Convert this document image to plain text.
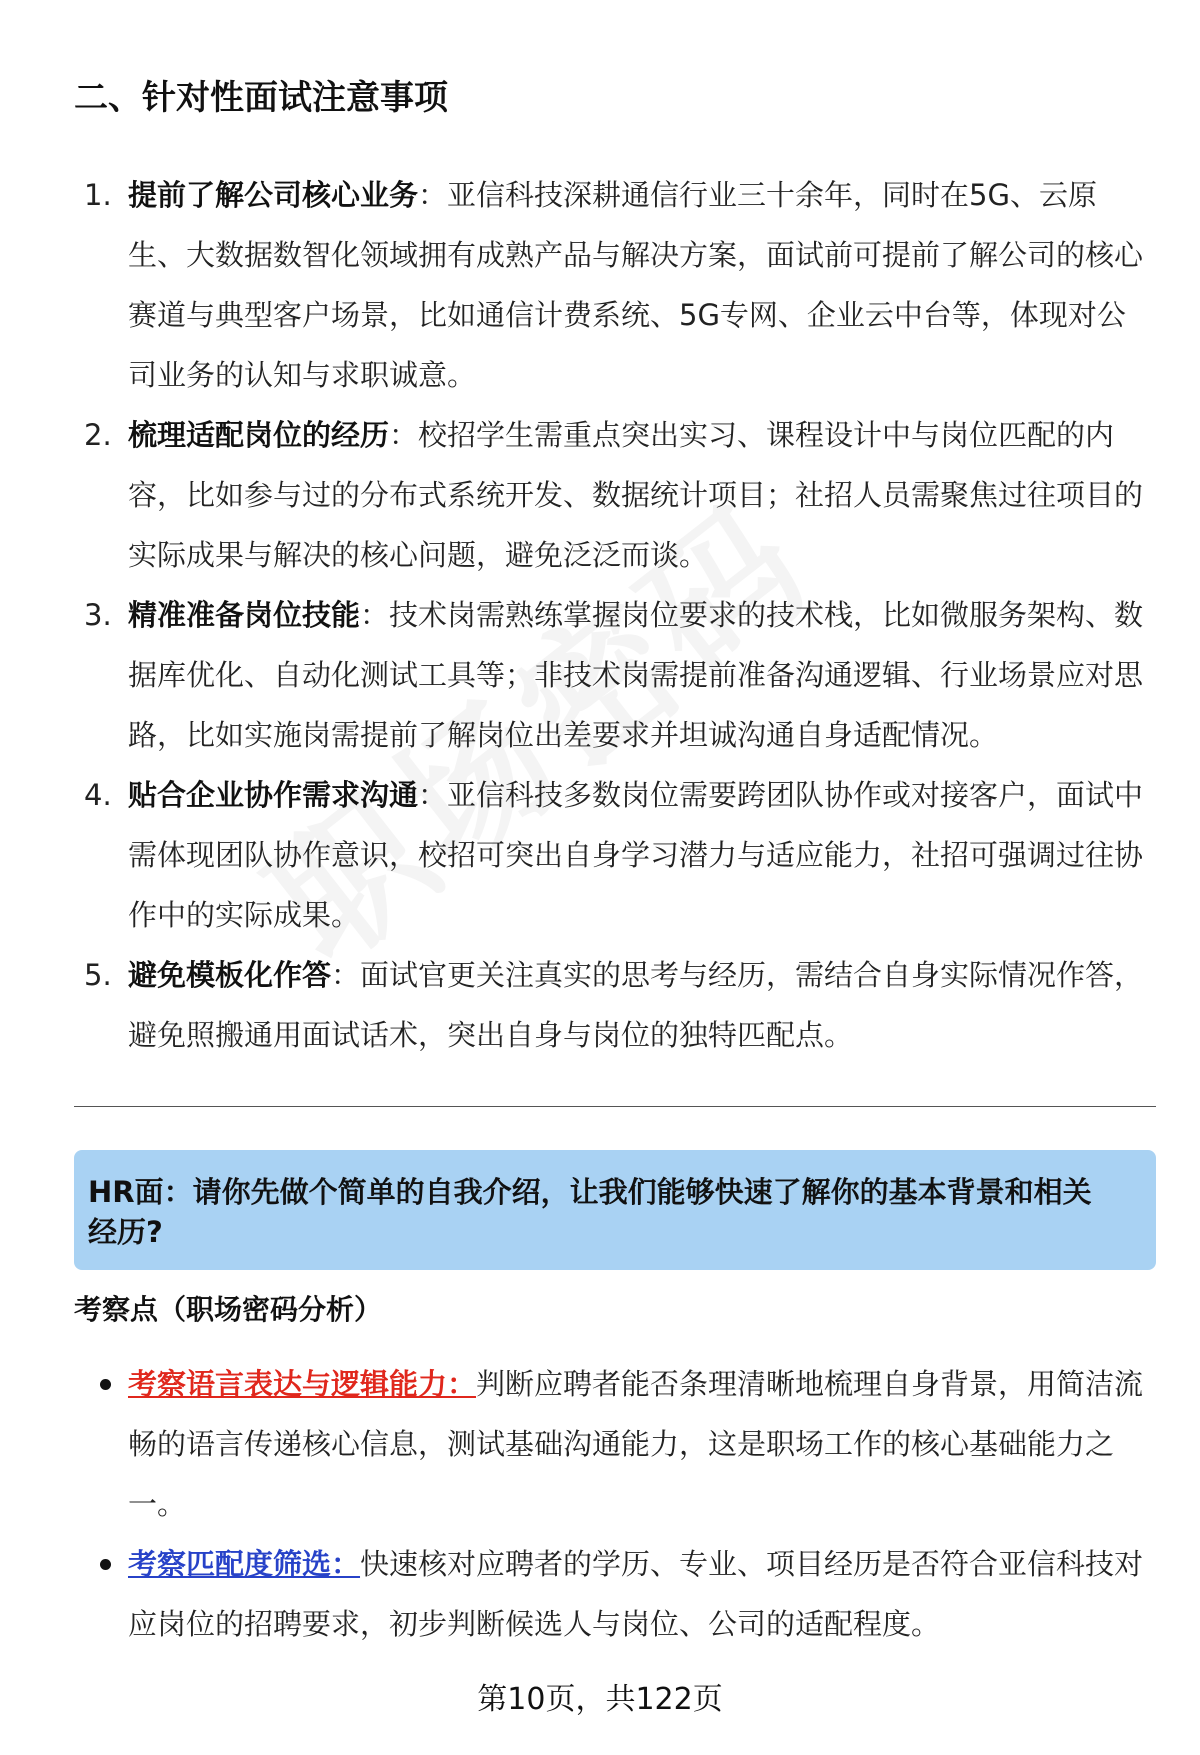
二、针对性面试注意事项
1. 提前了解公司核心业务：亚信科技深耕通信行业三十余年，同时在5G、云原生、大数据数智化领域拥有成熟产品与解决方案，面试前可提前了解公司的核心赛道与典型客户场景，比如通信计费系统、5G专网、企业云中台等，体现对公司业务的认知与求职诚意。
2. 梳理适配岗位的经历：校招学生需重点突出实习、课程设计中与岗位匹配的内容，比如参与过的分布式系统开发、数据统计项目；社招人员需聚焦过往项目的实际成果与解决的核心问题，避免泛泛而谈。
3. 精准准备岗位技能：技术岗需熟练掌握岗位要求的技术栈，比如微服务架构、数据库优化、自动化测试工具等；非技术岗需提前准备沟通逻辑、行业场景应对思路，比如实施岗需提前了解岗位出差要求并坦诚沟通自身适配情况。
4. 贴合企业协作需求沟通：亚信科技多数岗位需要跨团队协作或对接客户，面试中需体现团队协作意识，校招可突出自身学习潜力与适应能力，社招可强调过往协作中的实际成果。
5. 避免模板化作答：面试官更关注真实的思考与经历，需结合自身实际情况作答，避免照搬通用面试话术，突出自身与岗位的独特匹配点。
HR面：请你先做个简单的自我介绍，让我们能够快速了解你的基本背景和相关经历?
考察点（职场密码分析）
考察语言表达与逻辑能力：判断应聘者能否条理清晰地梳理自身背景，用简洁流畅的语言传递核心信息，测试基础沟通能力，这是职场工作的核心基础能力之一。
考察匹配度筛选：快速核对应聘者的学历、专业、项目经历是否符合亚信科技对应岗位的招聘要求，初步判断候选人与岗位、公司的适配程度。
第10页，共122页
